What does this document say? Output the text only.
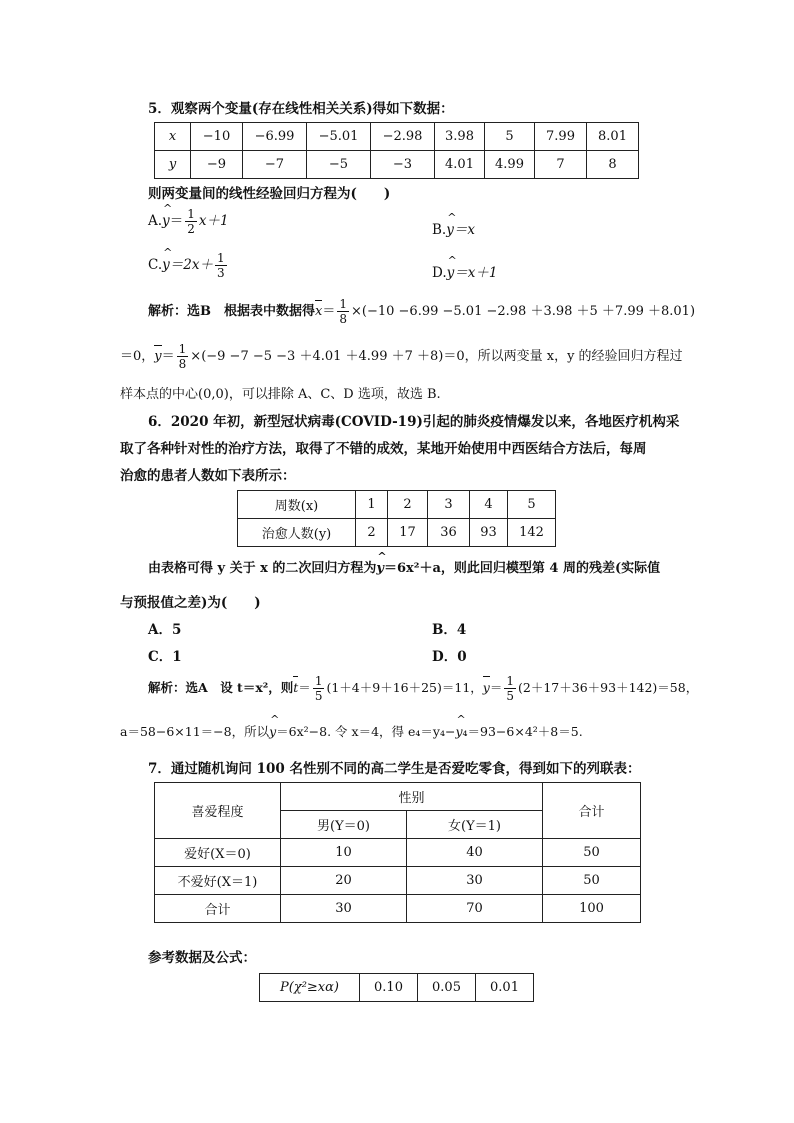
5．观察两个变量(存在线性相关关系)得如下数据：
x	−10	−6.99	−5.01	−2.98	3.98	5	7.99	8.01
y	−9	−7	−5	−3	4.01	4.99	7	8
则两变量间的线性经验回归方程为(　　)
A.^ $y= \frac{1}{2} x+1$
B.^ y＝x
C.^ $y=2x+ \frac{1}{3}$	D.^ y＝x＋1
解析：选B　根据表中数据得$x= \frac{1}{8} \times(-10 -6.99 -5.01 -2.98 +3.98 +5 +7.99 +8.01)$
＝0，$y= \frac{1}{8} \times(-9 -7 -5 -3 +4.01 +4.99 +7 +8)=0$，所以两变量 x，y 的经验回归方程过
样本点的中心(0,0)，可以排除 A、C、D 选项，故选 B.
6．2020 年初，新型冠状病毒(COVID-19)引起的肺炎疫情爆发以来，各地医疗机构采
取了各种针对性的治疗方法，取得了不错的成效，某地开始使用中西医结合方法后，每周
治愈的患者人数如下表所示：
周数(x)	1	2	3	4	5
治愈人数(y)	2	17	36	93	142
由表格可得 y 关于 x 的二次回归方程为^ y＝6x²＋a，则此回归模型第 4 周的残差(实际值
与预报值之差)为(　　)
A．5	B．4
C．1	D．0
解析：选A　设 t＝x²，则$t= \frac{1}{5} (1+4+9+16+25)=11$，$y= \frac{1}{5} (2+17+36+93+142)=58$，
a＝58−6×11＝−8，所以^ y＝6x²−8. 令 x＝4，得 e₄＝y₄−^ y₄＝93−6×4²＋8＝5.
7．通过随机询问 100 名性别不同的高二学生是否爱吃零食，得到如下的列联表：
喜爱程度	性别		合计
	男(Y＝0)	女(Y＝1)	
爱好(X＝0)	10	40	50
不爱好(X＝1)	20	30	50
合计	30	70	100
参考数据及公式：
P(χ²≥xα)	0.10	0.05	0.01
